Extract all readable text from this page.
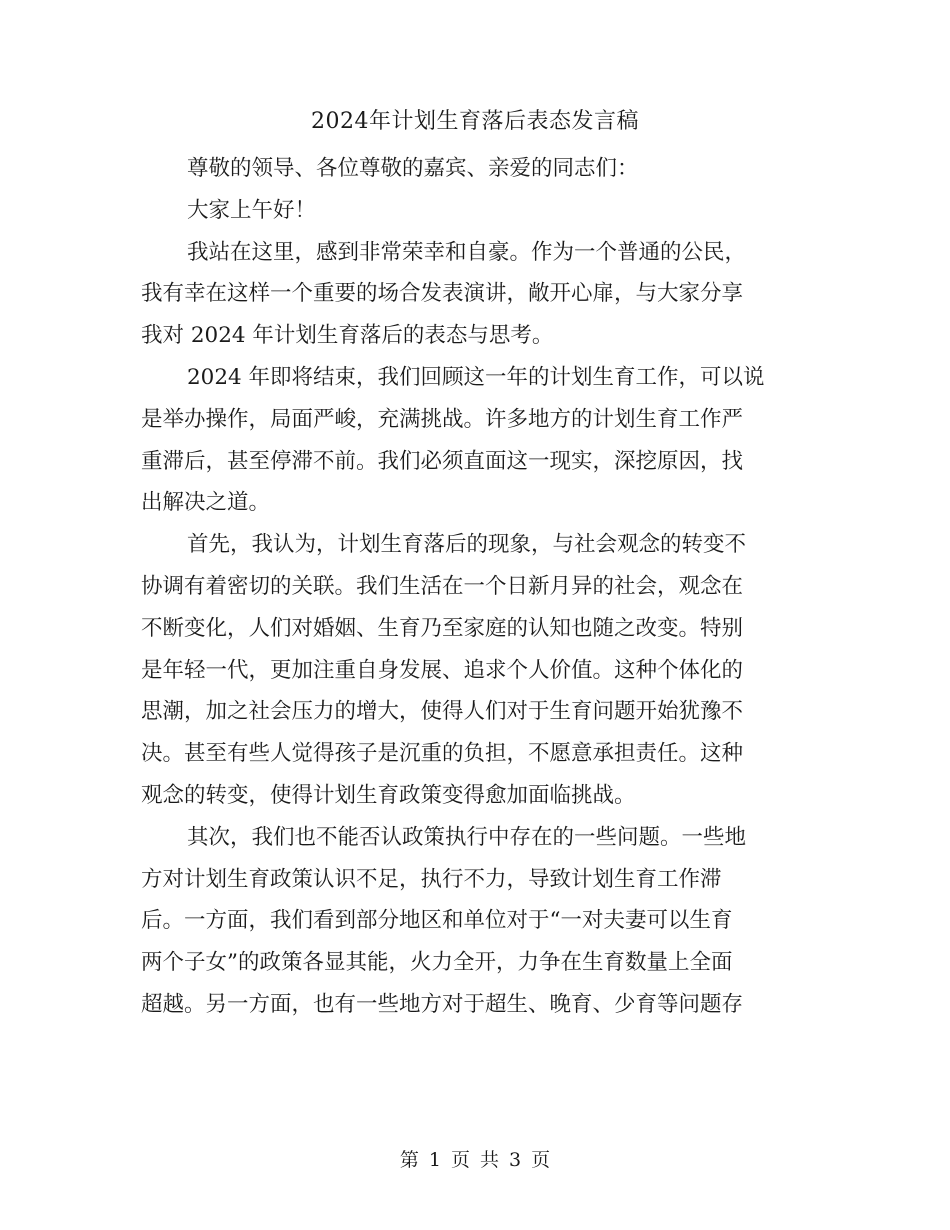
2024年计划生育落后表态发言稿

尊敬的领导、各位尊敬的嘉宾、亲爱的同志们：

大家上午好！

我站在这里，感到非常荣幸和自豪。作为一个普通的公民，
我有幸在这样一个重要的场合发表演讲，敞开心扉，与大家分享
我对 2024 年计划生育落后的表态与思考。

2024 年即将结束，我们回顾这一年的计划生育工作，可以说
是举办操作，局面严峻，充满挑战。许多地方的计划生育工作严
重滞后，甚至停滞不前。我们必须直面这一现实，深挖原因，找
出解决之道。

首先，我认为，计划生育落后的现象，与社会观念的转变不
协调有着密切的关联。我们生活在一个日新月异的社会，观念在
不断变化，人们对婚姻、生育乃至家庭的认知也随之改变。特别
是年轻一代，更加注重自身发展、追求个人价值。这种个体化的
思潮，加之社会压力的增大，使得人们对于生育问题开始犹豫不
决。甚至有些人觉得孩子是沉重的负担，不愿意承担责任。这种
观念的转变，使得计划生育政策变得愈加面临挑战。

其次，我们也不能否认政策执行中存在的一些问题。一些地
方对计划生育政策认识不足，执行不力，导致计划生育工作滞
后。一方面，我们看到部分地区和单位对于“一对夫妻可以生育
两个子女”的政策各显其能，火力全开，力争在生育数量上全面
超越。另一方面，也有一些地方对于超生、晚育、少育等问题存

第 1 页 共 3 页
